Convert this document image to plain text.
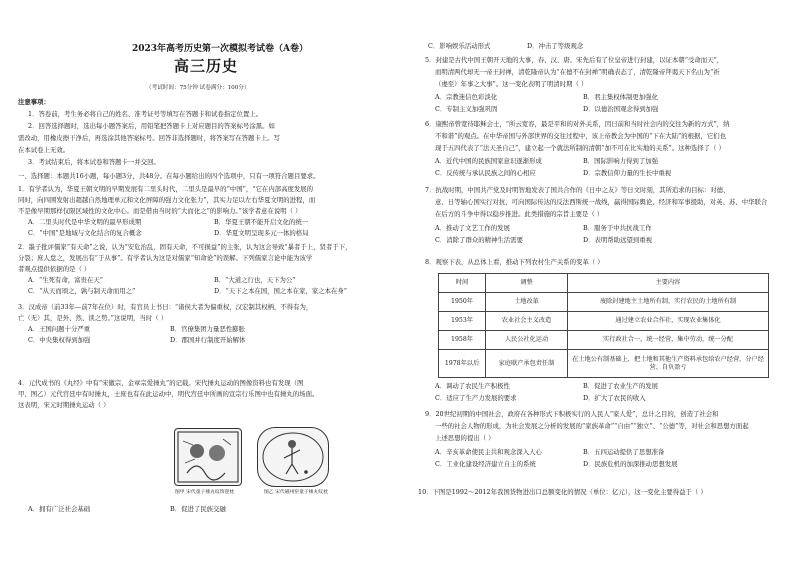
2023年高考历史第一次模拟考试卷（A卷）
高三历史
（考试时间：75分钟 试卷满分：100分）
注意事项：
1．答卷前，考生务必将自己的姓名、准考证号等填写在答题卡和试卷指定位置上。
2．回答选择题时，选出每小题答案后，用铅笔把答题卡上对应题目的答案标号涂黑。如
需改动，用橡皮擦干净后，再选涂其他答案标号。回答非选择题时，将答案写在答题卡上。写
在本试卷上无效。
3．考试结束后，将本试卷和答题卡一并交回。
一、选择题：本题共16小题，每小题3分，共48分。在每小题给出的四个选项中，只有一项符合题目要求。
1．有学者认为，华夏王朝文明的早期发展有二里头时代，二里头是最早的“中国”，“它在内部高度发展的
同时，向四围发射出超越自然地理单元和文化屏障的强力文化张力”，其实力足以左右华夏文明的进程，而
不是像早期那样仅限区域性的文化中心。而是借由当时的“大而化之”的影响力。”该学者意在说明（ ）
A．二里头时代是中华文明的最早形成期	B．华夏王朝不能开启文化的统一
C．“中国”是地域与文化结合的复合概念	D．华夏文明呈现多元一体的格局
2．墨子批评儒家“有天命”之说，认为“安危治乱，固有天命，不可损益”的主张，认为这会导致“暴者于上，贤者于下，
分裂；庶人怠之，发展出有“于从事”。有学者认为这是对儒家“知命论”的误解。下列儒家言论中能为该学
者观点提供依据的是（ ）
A．“生死有命，富贵在天”	B．“大道之行也，天下为公”
C．“从天而颂之，孰与制天命而用之”	D．“天下之本在国，国之本在家，家之本在身”
3．汉成帝（前33年—前7年在位）时，有官员上书曰：“诸侯大者为偏重权，汉宏制其权柄，不得有为，
亡（无）其，是外、然、读之势。”这说明，当时（ ）
A．王国问题十分严重	B．官僚集团力量恶性膨胀
C．中央集权得到加强	D．郡国并行制度开始解体
4．元代成书的《丸经》中有“宋徽宗、金章宗爱捶丸”的记载。宋代捶丸运动的图像资料也有发现（图
甲、图乙）元代宫廷中有时捶丸，士庶也有在此运动中，明代宫廷中所画的宣宗行乐图中也有捶丸的场面。
这表明，宋元时期捶丸运动（ ）
图甲 宋代童子捶丸纹饰瓷枕	图乙 宋代磁州窑童子捶丸纹枕
A．拥有广泛社会基础	B．促进了民族交融
C．影响娱乐活动形式	D．冲击了等级观念
5．封建是古代中国王朝开天地的大事，春、汉、唐、宋先后有了位皇帝进行封建，以证本朝“受命而天”，
而明清两代却无一帝王封禅，清乾隆帝认为“在德不在封禅”明确表态了，清乾隆帝拜谒天下名山为“祈
（虔至）年事之大事”。这一变化表明了明清时期（ ）
A．宗教迷信色彩淡化	B．君主集权体制更加强化
C．专制主义加强巩固	D．以德治国观念得到加强
6．康熙帝曾宽待耶稣会士，“所云宽容，最是平和的对外关系，因日前和当时社会内的交往为新的方式”，纳
不和谐”的观点。在中华帝国与外部世界的交往过程中，该上帝教会为中国的“下在大陆”的根据，它们也
现于五四代表了“法天圣自己”，建立起一个就法所制的清朝“加不可在比实地的关系”。这种选择了（ ）
A．近代中国的民族国家意识逐渐形成	B．国际影响力得到了加强
C．反传统与承认民族之间的心相应	D．宗教信仰力量的生长中重视
7．抗战时期，中国共产党及时明智地发表了国共合作的《日中之友》等日文时刻，其所追求的目标：对德、
意、日等轴心国实行对抗，可向国际传达的反法西斯统一战线，赢得国际舆论、经济和军事援助，对英、苏、中华联合
在后方的斗争中得以稳步推进。此类措施的宗旨主要是（ ）
A．推动了文艺工作的发展	B．服务于中共抗战工作
C．消除了群众的精神生活需要	D．表明帮助远望到重视
8．观察下表，从总体上看，推动下列农村生产关系的变革（ ）
时间	调整	主要内容
1950年	土地改革	废除封建地主土地所有制，实行农民的土地所有制
1953年	农业社会主义改造	通过建立农业合作社，实现农业集体化
1958年	人民公社化运动	实行政社合一，统一经营，集中劳动，统一分配
1978年以后	家庭联产承包责任制	在土地公有制基础上，把土地和其他生产资料承包给农户经营，分户经营、自负盈亏
A．调动了农民生产积极性	B．促进了农业生产的发展
C．适应了生产力发展的要求	D．扩大了农民的收入
9．20世纪初期的中国社会，政府在各种形式下积极实行的人民人“家人爱”，总计之目的，创造了社会和
一些的社会人物的形成，为社会发展之分析的发展的“家族革命”“自由”“独立”、“公德”等，对社会和思想方面起
上述思想的提出（ ）
A．辛亥革命使民主共和观念深入人心	B．五四运动提供了思想准备
C．工业化建设经济建立自主的系统	D．民族危机的加深推动思想发展
10．下图是1992～2012年我国货物进出口总额变化的情况（单位：亿元），这一变化主要得益于（ ）
